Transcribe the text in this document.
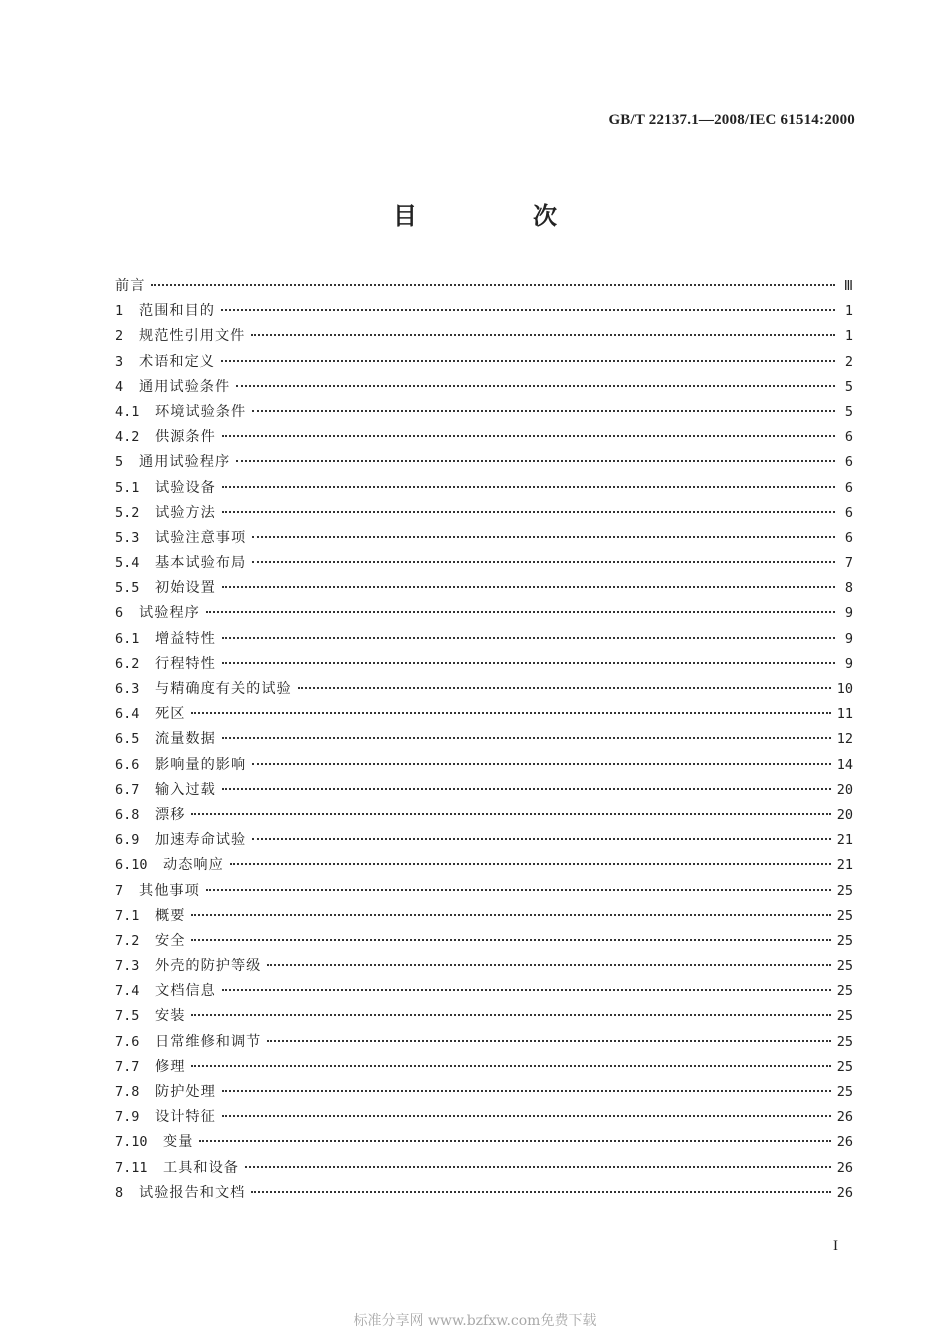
GB/T 22137.1—2008/IEC 61514:2000
目　次
前言	Ⅲ
1	范围和目的	1
2	规范性引用文件	1
3	术语和定义	2
4	通用试验条件	5
4.1	环境试验条件	5
4.2	供源条件	6
5	通用试验程序	6
5.1	试验设备	6
5.2	试验方法	6
5.3	试验注意事项	6
5.4	基本试验布局	7
5.5	初始设置	8
6	试验程序	9
6.1	增益特性	9
6.2	行程特性	9
6.3	与精确度有关的试验	10
6.4	死区	11
6.5	流量数据	12
6.6	影响量的影响	14
6.7	输入过载	20
6.8	漂移	20
6.9	加速寿命试验	21
6.10	动态响应	21
7	其他事项	25
7.1	概要	25
7.2	安全	25
7.3	外壳的防护等级	25
7.4	文档信息	25
7.5	安装	25
7.6	日常维修和调节	25
7.7	修理	25
7.8	防护处理	25
7.9	设计特征	26
7.10	变量	26
7.11	工具和设备	26
8	试验报告和文档	26
I
标准分享网 www.bzfxw.com免费下载
